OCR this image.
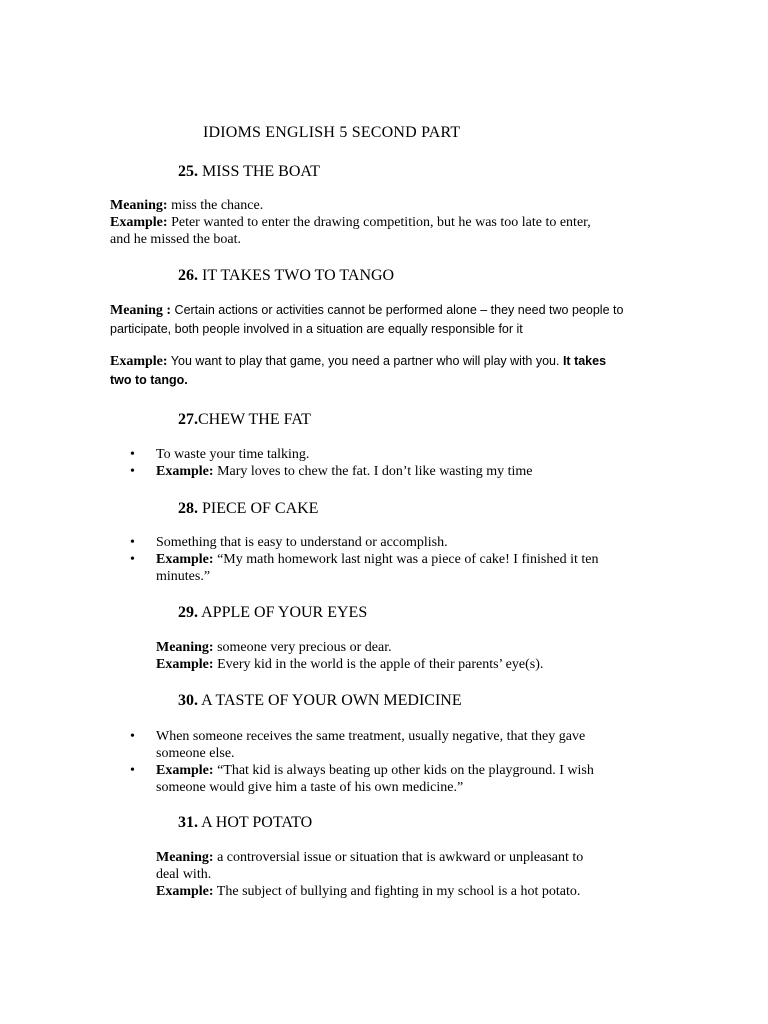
IDIOMS ENGLISH 5 SECOND PART
25. MISS THE BOAT

Meaning: miss the chance.

Example: Peter wanted to enter the drawing competition, but he was too late to enter,

and he missed the boat.

26. IT TAKES TWO TO TANGO

Meaning : Certain actions or activities cannot be performed alone – they need two people to

participate, both people involved in a situation are equally responsible for it

Example: You want to play that game, you need a partner who will play with you. It takes

two to tango.

27.CHEW THE FAT
• To waste your time talking.
• Example: Mary loves to chew the fat. I don’t like wasting my time
28. PIECE OF CAKE
• Something that is easy to understand or accomplish.
• Example: “My math homework last night was a piece of cake! I finished it ten
minutes.”
29. APPLE OF YOUR EYES

Meaning: someone very precious or dear.

Example: Every kid in the world is the apple of their parents’ eye(s).

30. A TASTE OF YOUR OWN MEDICINE
• When someone receives the same treatment, usually negative, that they gave
someone else.
• Example: “That kid is always beating up other kids on the playground. I wish
someone would give him a taste of his own medicine.”
31. A HOT POTATO

Meaning: a controversial issue or situation that is awkward or unpleasant to

deal with.

Example: The subject of bullying and fighting in my school is a hot potato.
